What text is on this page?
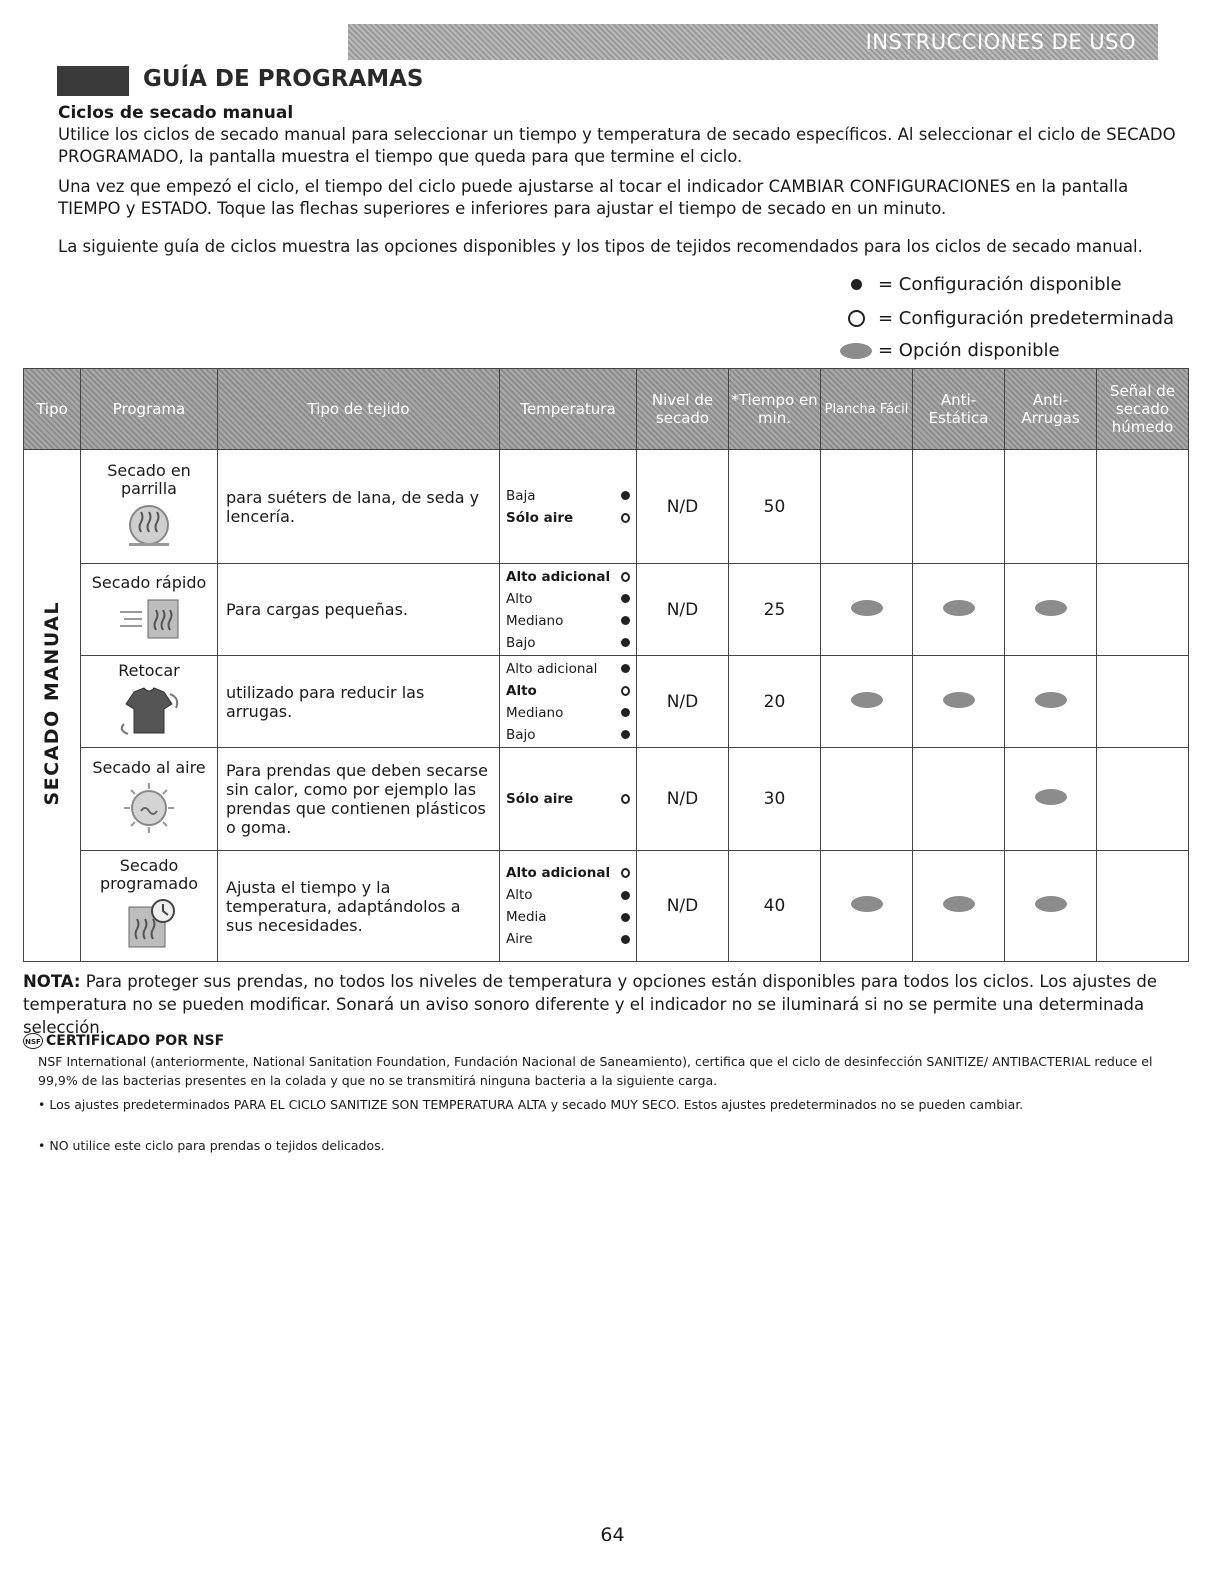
INSTRUCCIONES DE USO
GUÍA DE PROGRAMAS
Ciclos de secado manual

Utilice los ciclos de secado manual para seleccionar un tiempo y temperatura de secado específicos. Al seleccionar el ciclo de SECADO PROGRAMADO, la pantalla muestra el tiempo que queda para que termine el ciclo.

Una vez que empezó el ciclo, el tiempo del ciclo puede ajustarse al tocar el indicador CAMBIAR CONFIGURACIONES en la pantalla TIEMPO y ESTADO. Toque las flechas superiores e inferiores para ajustar el tiempo de secado en un minuto.

La siguiente guía de ciclos muestra las opciones disponibles y los tipos de tejidos recomendados para los ciclos de secado manual.

= Configuración disponible
= Configuración predeterminada
= Opción disponible
Tipo	Programa	Tipo de tejido	Temperatura	Nivel de secado	*Tiempo en min.	Plancha Fácil	Anti-Estática	Anti-Arrugas	Señal de secado húmedo
SECADO MANUAL	Secado en parrilla	para suéters de lana, de seda y lencería.	Baja
Sólo aire	N/D	50				

	Secado rápido	Para cargas pequeñas.	Alto adicional
Alto
Mediano
Bajo	N/D	25				

	Retocar	utilizado para reducir las arrugas.	Alto adicional
Alto
Mediano
Bajo	N/D	20				

	Secado al aire	Para prendas que deben secarse sin calor, como por ejemplo las prendas que contienen plásticos o goma.	Sólo aire	N/D	30				

	Secado programado	Ajusta el tiempo y la temperatura, adaptándolos a sus necesidades.	Alto adicional
Alto
Media
Aire	N/D	40				

NOTA: Para proteger sus prendas, no todos los niveles de temperatura y opciones están disponibles para todos los ciclos. Los ajustes de temperatura no se pueden modificar. Sonará un aviso sonoro diferente y el indicador no se iluminará si no se permite una determinada selección.

NSF CERTIFICADO POR NSF

NSF International (anteriormente, National Sanitation Foundation, Fundación Nacional de Saneamiento), certifica que el ciclo de desinfección SANITIZE/ ANTIBACTERIAL reduce el 99,9% de las bacterias presentes en la colada y que no se transmitirá ninguna bacteria a la siguiente carga.

• Los ajustes predeterminados PARA EL CICLO SANITIZE SON TEMPERATURA ALTA y secado MUY SECO. Estos ajustes predeterminados no se pueden cambiar.

• NO utilice este ciclo para prendas o tejidos delicados.

64
